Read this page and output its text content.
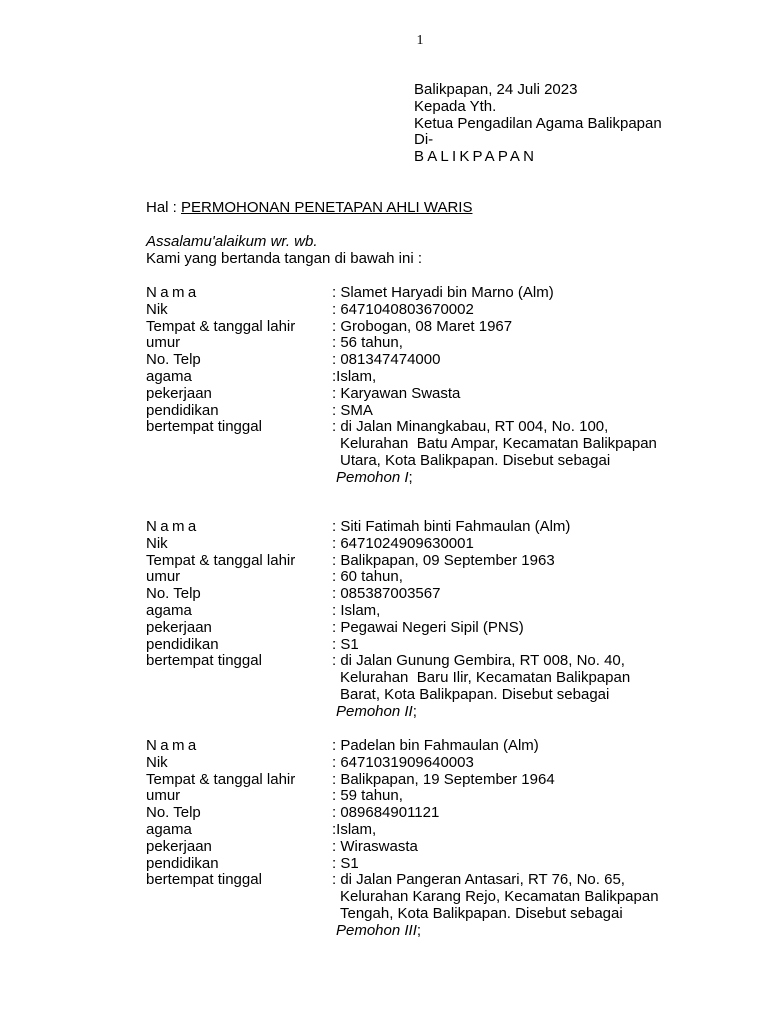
1
Balikpapan, 24 Juli 2023
Kepada Yth.
Ketua Pengadilan Agama Balikpapan
Di-
BALIKPAPAN
Hal : PERMOHONAN PENETAPAN AHLI WARIS
Assalamu'alaikum wr. wb.
Kami yang bertanda tangan di bawah ini :
Nama	: Slamet Haryadi bin Marno (Alm)
Nik	: 6471040803670002
Tempat & tanggal lahir : Grobogan, 08 Maret 1967
umur	: 56 tahun,
No. Telp	: 081347474000
agama	:Islam,
pekerjaan	: Karyawan Swasta
pendidikan	: SMA
bertempat tinggal	: di Jalan Minangkabau, RT 004, No. 100,
Kelurahan  Batu Ampar, Kecamatan Balikpapan
Utara, Kota Balikpapan. Disebut sebagai
Pemohon I;
Nama	: Siti Fatimah binti Fahmaulan (Alm)
Nik	: 6471024909630001
Tempat & tanggal lahir : Balikpapan, 09 September 1963
umur	: 60 tahun,
No. Telp	: 085387003567
agama	: Islam,
pekerjaan	: Pegawai Negeri Sipil (PNS)
pendidikan	: S1
bertempat tinggal	: di Jalan Gunung Gembira, RT 008, No. 40,
Kelurahan  Baru Ilir, Kecamatan Balikpapan
Barat, Kota Balikpapan. Disebut sebagai
Pemohon II;
Nama	: Padelan bin Fahmaulan (Alm)
Nik	: 6471031909640003
Tempat & tanggal lahir : Balikpapan, 19 September 1964
umur	: 59 tahun,
No. Telp	: 089684901121
agama	:Islam,
pekerjaan	: Wiraswasta
pendidikan	: S1
bertempat tinggal	: di Jalan Pangeran Antasari, RT 76, No. 65,
Kelurahan Karang Rejo, Kecamatan Balikpapan
Tengah, Kota Balikpapan. Disebut sebagai
Pemohon III;
